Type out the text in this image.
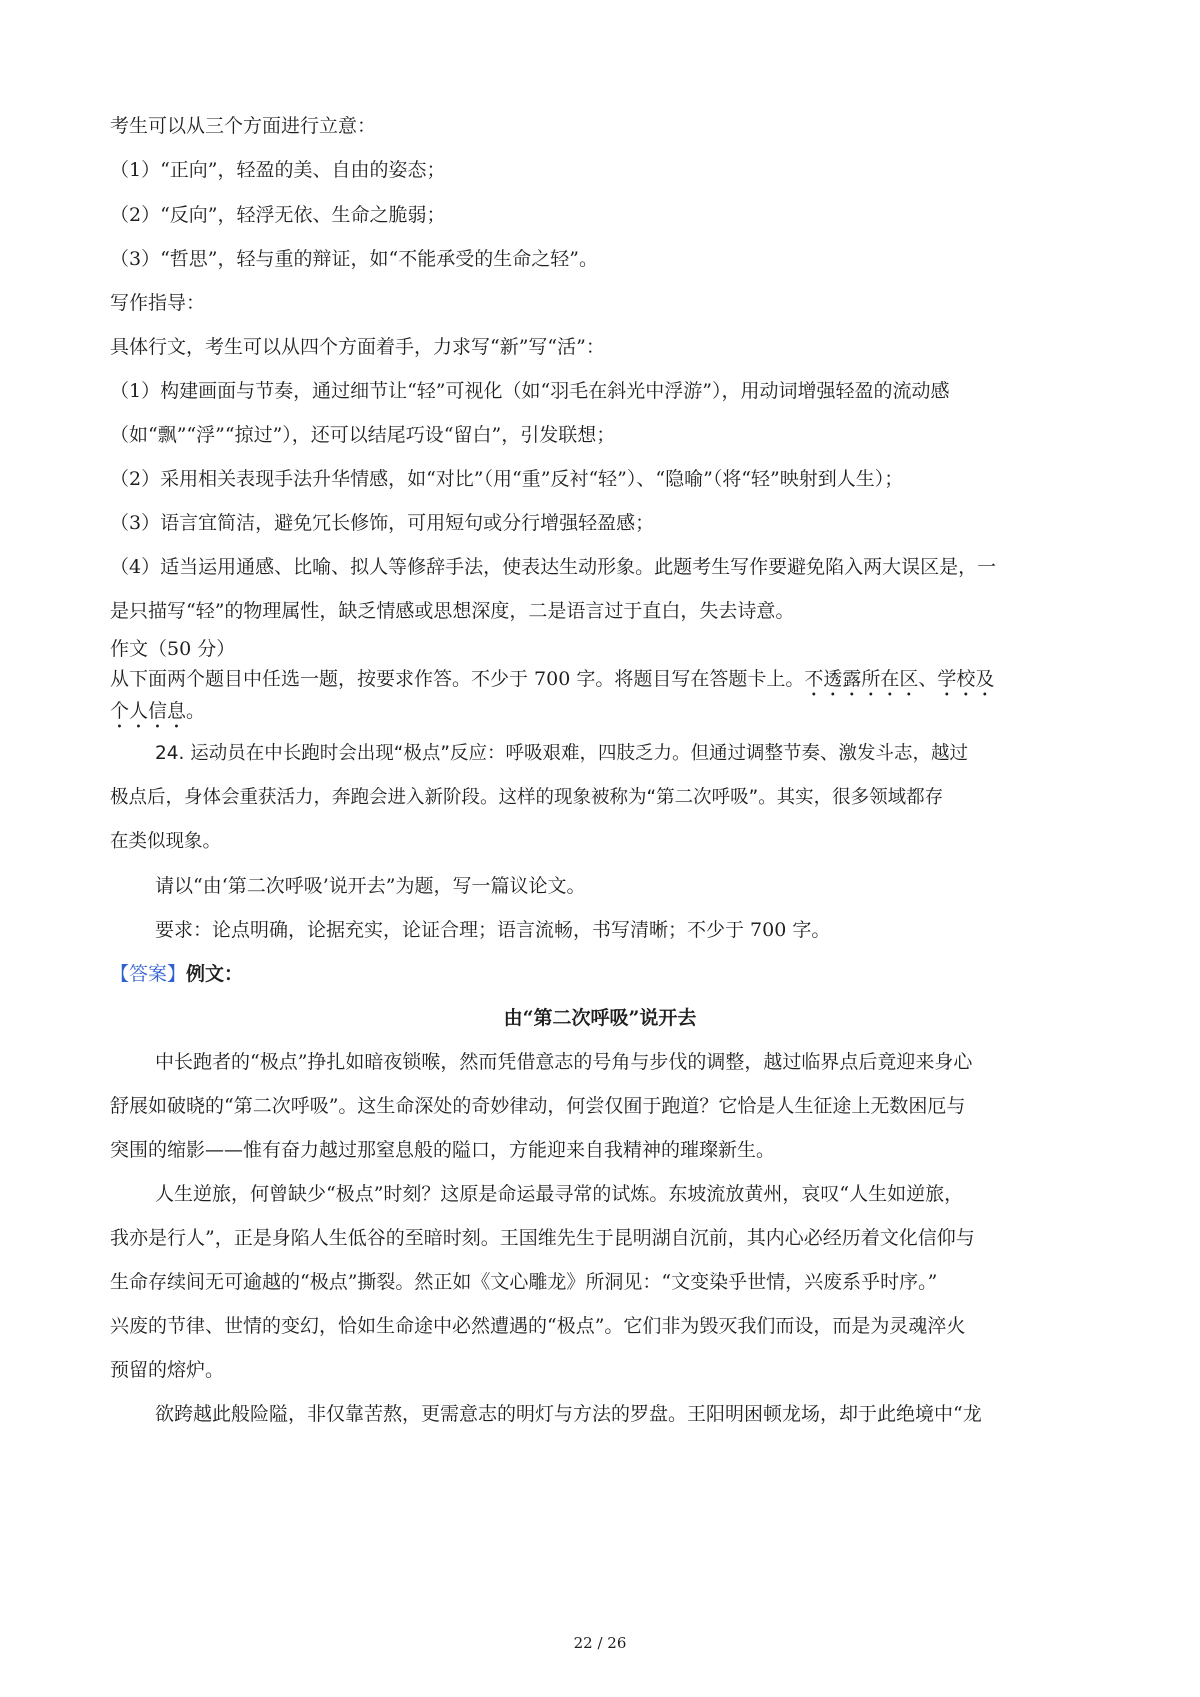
考生可以从三个方面进行立意：
（1）“正向”，轻盈的美、自由的姿态；
（2）“反向”，轻浮无依、生命之脆弱；
（3）“哲思”，轻与重的辩证，如“不能承受的生命之轻”。
写作指导：
具体行文，考生可以从四个方面着手，力求写“新”写“活”：
（1）构建画面与节奏，通过细节让“轻”可视化（如“羽毛在斜光中浮游”），用动词增强轻盈的流动感
（如“飘”“浮”“掠过”），还可以结尾巧设“留白”，引发联想；
（2）采用相关表现手法升华情感，如“对比”（用“重”反衬“轻”）、“隐喻”（将“轻”映射到人生）；
（3）语言宜简洁，避免冗长修饰，可用短句或分行增强轻盈感；
（4）适当运用通感、比喻、拟人等修辞手法，使表达生动形象。此题考生写作要避免陷入两大误区是，一
是只描写“轻”的物理属性，缺乏情感或思想深度，二是语言过于直白，失去诗意。
作文（50 分）
从下面两个题目中任选一题，按要求作答。不少于 700 字。将题目写在答题卡上。不透露所在区、学校及
个人信息。
24. 运动员在中长跑时会出现“极点”反应：呼吸艰难，四肢乏力。但通过调整节奏、激发斗志，越过
极点后，身体会重获活力，奔跑会进入新阶段。这样的现象被称为“第二次呼吸”。其实，很多领域都存
在类似现象。
请以“由‘第二次呼吸’说开去”为题，写一篇议论文。
要求：论点明确，论据充实，论证合理；语言流畅，书写清晰；不少于 700 字。
【答案】例文：
由“第二次呼吸”说开去
中长跑者的“极点”挣扎如暗夜锁喉，然而凭借意志的号角与步伐的调整，越过临界点后竟迎来身心
舒展如破晓的“第二次呼吸”。这生命深处的奇妙律动，何尝仅囿于跑道？它恰是人生征途上无数困厄与
突围的缩影——惟有奋力越过那窒息般的隘口，方能迎来自我精神的璀璨新生。
人生逆旅，何曾缺少“极点”时刻？这原是命运最寻常的试炼。东坡流放黄州，哀叹“人生如逆旅，
我亦是行人”，正是身陷人生低谷的至暗时刻。王国维先生于昆明湖自沉前，其内心必经历着文化信仰与
生命存续间无可逾越的“极点”撕裂。然正如《文心雕龙》所洞见：“文变染乎世情，兴废系乎时序。”
兴废的节律、世情的变幻，恰如生命途中必然遭遇的“极点”。它们非为毁灭我们而设，而是为灵魂淬火
预留的熔炉。
欲跨越此般险隘，非仅靠苦熬，更需意志的明灯与方法的罗盘。王阳明困顿龙场，却于此绝境中“龙
22 / 26
